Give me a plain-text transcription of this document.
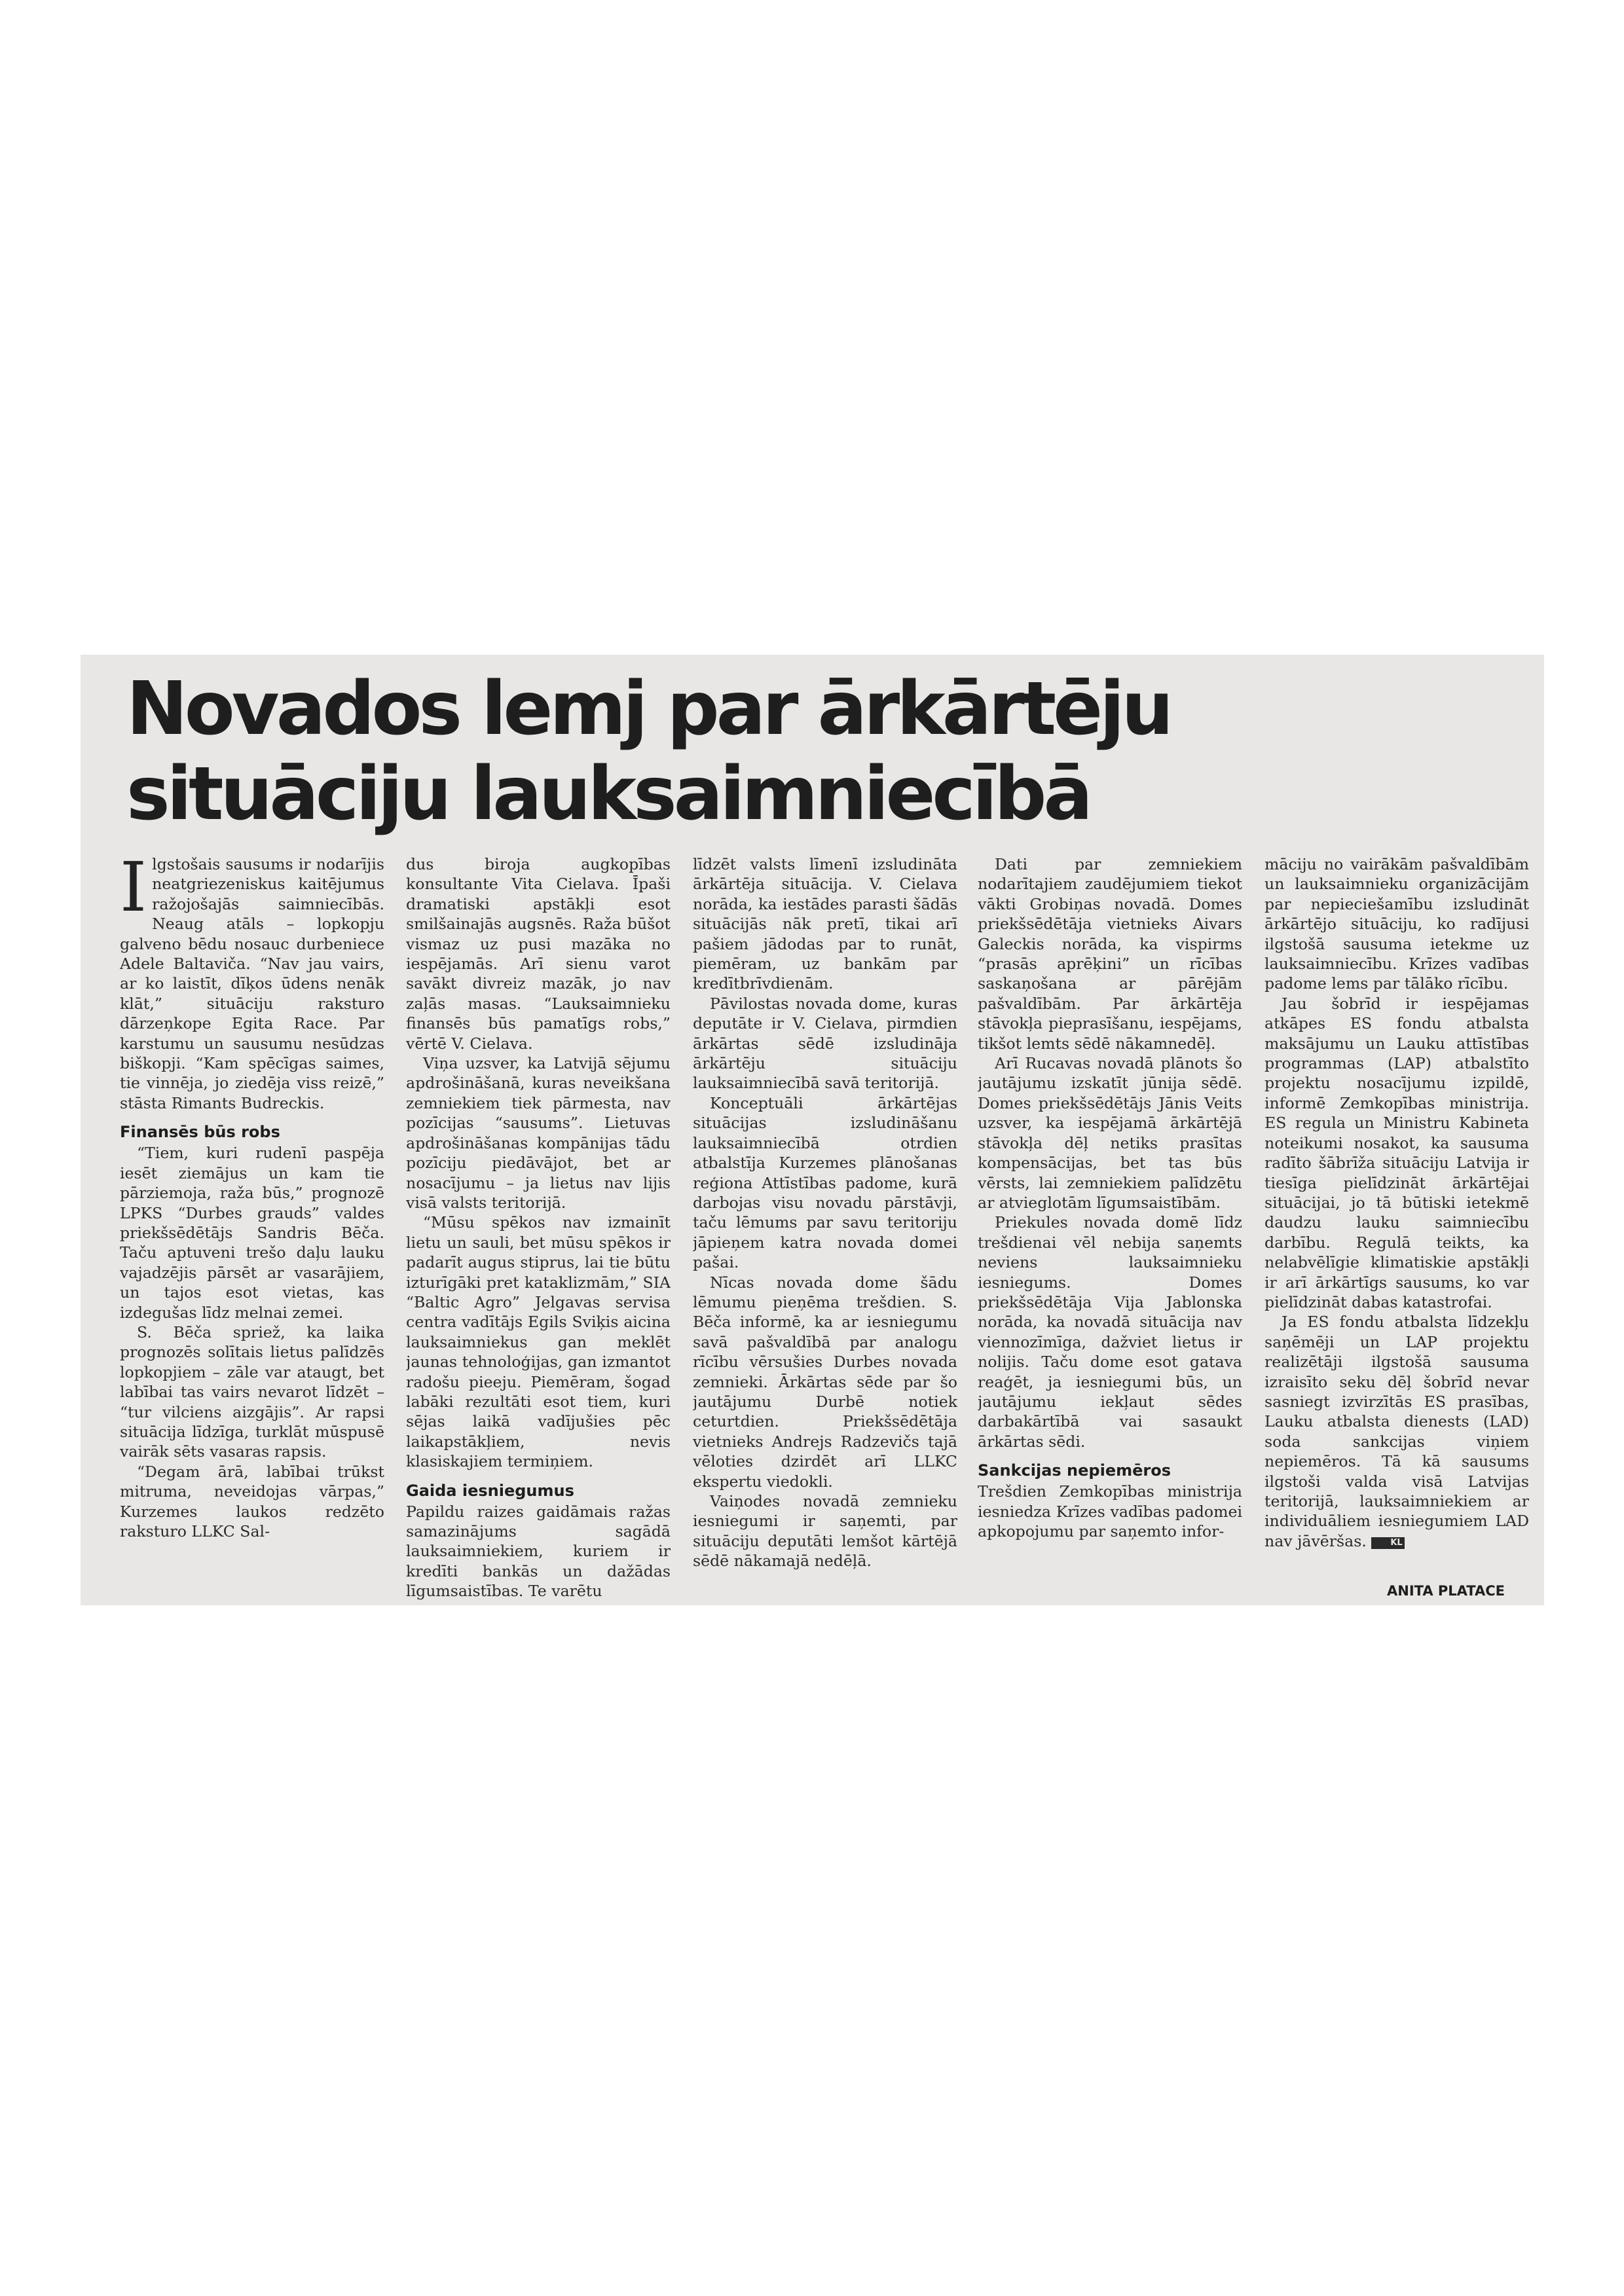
Novados lemj par ārkārtēju
situāciju lauksaimniecībā

Ilgstošais sausums ir nodarījis neatgriezeniskus kaitējumus ražojošajās saimniecībās. Neaug atāls – lopkopju galveno bēdu nosauc durbeniece Adele Baltaviča. “Nav jau vairs, ar ko laistīt, dīķos ūdens nenāk klāt,” situāciju raksturo dārzeņkope Egita Race. Par karstumu un sausumu nesūdzas biškopji. “Kam spēcīgas saimes, tie vinnēja, jo ziedēja viss reizē,” stāsta Rimants Budreckis.

Finansēs būs robs

“Tiem, kuri rudenī paspēja iesēt ziemājus un kam tie pārziemoja, raža būs,” prognozē LPKS “Durbes grauds” valdes priekšsēdētājs Sandris Bēča. Taču aptuveni trešo daļu lauku vajadzējis pārsēt ar vasarājiem, un tajos esot vietas, kas izdegušas līdz melnai zemei.

S. Bēča spriež, ka laika prognozēs solītais lietus palīdzēs lopkopjiem – zāle var ataugt, bet labībai tas vairs nevarot līdzēt – “tur vilciens aizgājis”. Ar rapsi situācija līdzīga, turklāt mūspusē vairāk sēts vasaras rapsis.

“Degam ārā, labībai trūkst mitruma, neveidojas vārpas,” Kurzemes laukos redzēto raksturo LLKC Sal-

dus biroja augkopības konsultante Vita Cielava. Īpaši dramatiski apstākļi esot smilšainajās augsnēs. Raža būšot vismaz uz pusi mazāka no iespējamās. Arī sienu varot savākt divreiz mazāk, jo nav zaļās masas. “Lauksaimnieku finansēs būs pamatīgs robs,” vērtē V. Cielava.

Viņa uzsver, ka Latvijā sējumu apdrošināšanā, kuras neveikšana zemniekiem tiek pārmesta, nav pozīcijas “sausums”. Lietuvas apdrošināšanas kompānijas tādu pozīciju piedāvājot, bet ar nosacījumu – ja lietus nav lijis visā valsts teritorijā.

“Mūsu spēkos nav izmainīt lietu un sauli, bet mūsu spēkos ir padarīt augus stiprus, lai tie būtu izturīgāki pret kataklizmām,” SIA “Baltic Agro” Jelgavas servisa centra vadītājs Egils Sviķis aicina lauksaimniekus gan meklēt jaunas tehnoloģijas, gan izmantot radošu pieeju. Piemēram, šogad labāki rezultāti esot tiem, kuri sējas laikā vadījušies pēc laikapstākļiem, nevis klasiskajiem termiņiem.

Gaida iesniegumus

Papildu raizes gaidāmais ražas samazinājums sagādā lauksaimniekiem, kuriem ir kredīti bankās un dažādas līgumsaistības. Te varētu

līdzēt valsts līmenī izsludināta ārkārtēja situācija. V. Cielava norāda, ka iestādes parasti šādās situācijās nāk pretī, tikai arī pašiem jādodas par to runāt, piemēram, uz bankām par kredītbrīvdienām.

Pāvilostas novada dome, kuras deputāte ir V. Cielava, pirmdien ārkārtas sēdē izsludināja ārkārtēju situāciju lauksaimniecībā savā teritorijā.

Konceptuāli ārkārtējas situācijas izsludināšanu lauksaimniecībā otrdien atbalstīja Kurzemes plānošanas reģiona Attīstības padome, kurā darbojas visu novadu pārstāvji, taču lēmums par savu teritoriju jāpieņem katra novada domei pašai.

Nīcas novada dome šādu lēmumu pieņēma trešdien. S. Bēča informē, ka ar iesniegumu savā pašvaldībā par analogu rīcību vērsušies Durbes novada zemnieki. Ārkārtas sēde par šo jautājumu Durbē notiek ceturtdien. Priekšsēdētāja vietnieks Andrejs Radzevičs tajā vēloties dzirdēt arī LLKC ekspertu viedokli.

Vaiņodes novadā zemnieku iesniegumi ir saņemti, par situāciju deputāti lemšot kārtējā sēdē nākamajā nedēļā.

Dati par zemniekiem nodarītajiem zaudējumiem tiekot vākti Grobiņas novadā. Domes priekšsēdētāja vietnieks Aivars Galeckis norāda, ka vispirms “prasās aprēķini” un rīcības saskaņošana ar pārējām pašvaldībām. Par ārkārtēja stāvokļa pieprasīšanu, iespējams, tikšot lemts sēdē nākamnedēļ.

Arī Rucavas novadā plānots šo jautājumu izskatīt jūnija sēdē. Domes priekšsēdētājs Jānis Veits uzsver, ka iespējamā ārkārtējā stāvokļa dēļ netiks prasītas kompensācijas, bet tas būs vērsts, lai zemniekiem palīdzētu ar atvieglotām līgumsaistībām.

Priekules novada domē līdz trešdienai vēl nebija saņemts neviens lauksaimnieku iesniegums. Domes priekšsēdētāja Vija Jablonska norāda, ka novadā situācija nav viennozīmīga, dažviet lietus ir nolijis. Taču dome esot gatava reaģēt, ja iesniegumi būs, un jautājumu iekļaut sēdes darbakārtībā vai sasaukt ārkārtas sēdi.

Sankcijas nepiemēros

Trešdien Zemkopības ministrija iesniedza Krīzes vadības padomei apkopojumu par saņemto infor-

māciju no vairākām pašvaldībām un lauksaimnieku organizācijām par nepieciešamību izsludināt ārkārtējo situāciju, ko radījusi ilgstošā sausuma ietekme uz lauksaimniecību. Krīzes vadības padome lems par tālāko rīcību.

Jau šobrīd ir iespējamas atkāpes ES fondu atbalsta maksājumu un Lauku attīstības programmas (LAP) atbalstīto projektu nosacījumu izpildē, informē Zemkopības ministrija. ES regula un Ministru Kabineta noteikumi nosakot, ka sausuma radīto šābrīža situāciju Latvija ir tiesīga pielīdzināt ārkārtējai situācijai, jo tā būtiski ietekmē daudzu lauku saimniecību darbību. Regulā teikts, ka nelabvēlīgie klimatiskie apstākļi ir arī ārkārtīgs sausums, ko var pielīdzināt dabas katastrofai.

Ja ES fondu atbalsta līdzekļu saņēmēji un LAP projektu realizētāji ilgstošā sausuma izraisīto seku dēļ šobrīd nevar sasniegt izvirzītās ES prasības, Lauku atbalsta dienests (LAD) soda sankcijas viņiem nepiemēros. Tā kā sausums ilgstoši valda visā Latvijas teritorijā, lauksaimniekiem ar individuāliem iesniegumiem LAD nav jāvēršas.	KL

ANITA PLATACE
